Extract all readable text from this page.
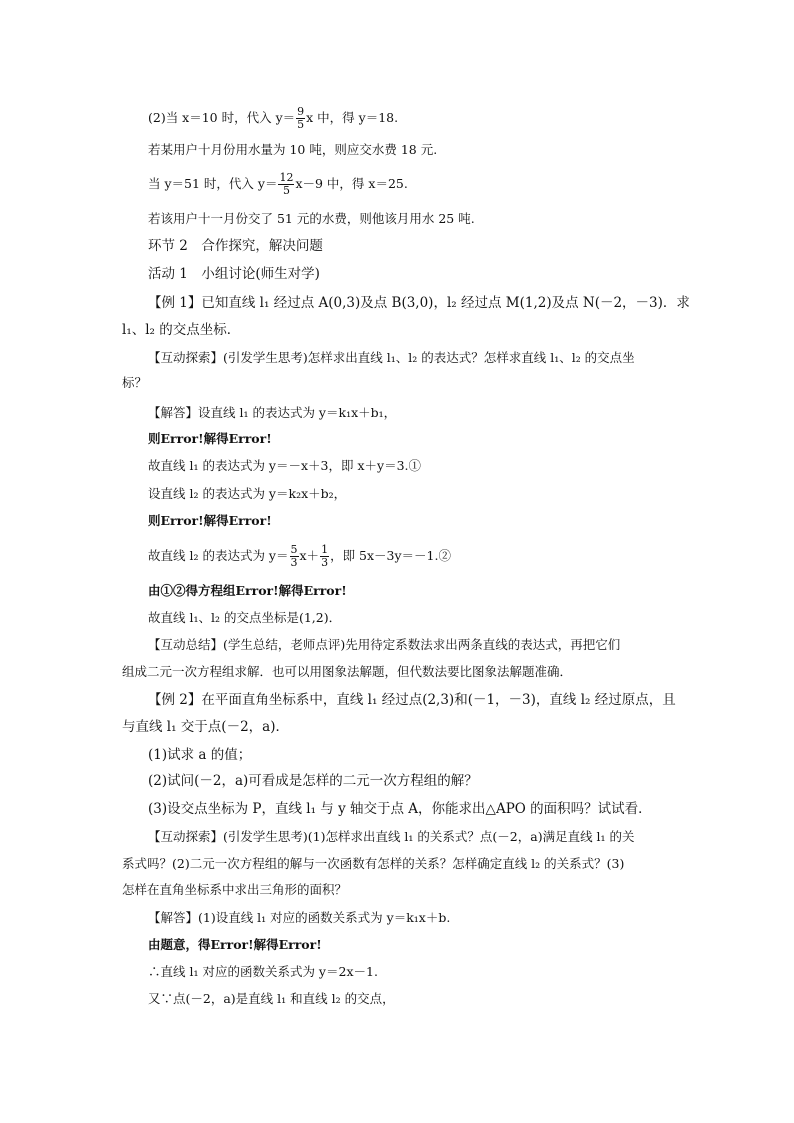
(2)当 x＝10 时，代入 $y= \frac{9}{5}$ x 中，得 y＝18.
若某用户十月份用水量为 10 吨，则应交水费 18 元.
当 y＝51 时，代入 $y= \frac{12}{5} x-9$ 中，得 x＝25.
若该用户十一月份交了 51 元的水费，则他该月用水 25 吨.
环节 2　合作探究，解决问题
活动 1　小组讨论(师生对学)
【例 1】已知直线 l₁ 经过点 A(0,3)及点 B(3,0)，l₂ 经过点 M(1,2)及点 N(－2，－3)．求
l₁、l₂ 的交点坐标．
【互动探索】(引发学生思考)怎样求出直线 l₁、l₂ 的表达式？怎样求直线 l₁、l₂ 的交点坐
标？
【解答】设直线 l₁ 的表达式为 y＝k₁x＋b₁，
则Error!解得Error!
故直线 l₁ 的表达式为 y＝－x＋3，即 x＋y＝3.①
设直线 l₂ 的表达式为 y＝k₂x＋b₂，
则Error!解得Error!
故直线 l₂ 的表达式为 $y= \frac{5}{3} x+ \frac{1}{3}$ ，即 5x－3y＝－1.②
由①②得方程组Error!解得Error!
故直线 l₁、l₂ 的交点坐标是(1,2)．
【互动总结】(学生总结，老师点评)先用待定系数法求出两条直线的表达式，再把它们
组成二元一次方程组求解．也可以用图象法解题，但代数法要比图象法解题准确．
【例 2】在平面直角坐标系中，直线 l₁ 经过点(2,3)和(－1，－3)，直线 l₂ 经过原点，且
与直线 l₁ 交于点(－2，a)．
(1)试求 a 的值；
(2)试问(－2，a)可看成是怎样的二元一次方程组的解？
(3)设交点坐标为 P，直线 l₁ 与 y 轴交于点 A，你能求出△APO 的面积吗？试试看．
【互动探索】(引发学生思考)(1)怎样求出直线 l₁ 的关系式？点(－2，a)满足直线 l₁ 的关
系式吗？(2)二元一次方程组的解与一次函数有怎样的关系？怎样确定直线 l₂ 的关系式？(3)
怎样在直角坐标系中求出三角形的面积？
【解答】(1)设直线 l₁ 对应的函数关系式为 y＝k₁x＋b.
由题意，得Error!解得Error!
∴直线 l₁ 对应的函数关系式为 y＝2x－1.
又∵点(－2，a)是直线 l₁ 和直线 l₂ 的交点，
